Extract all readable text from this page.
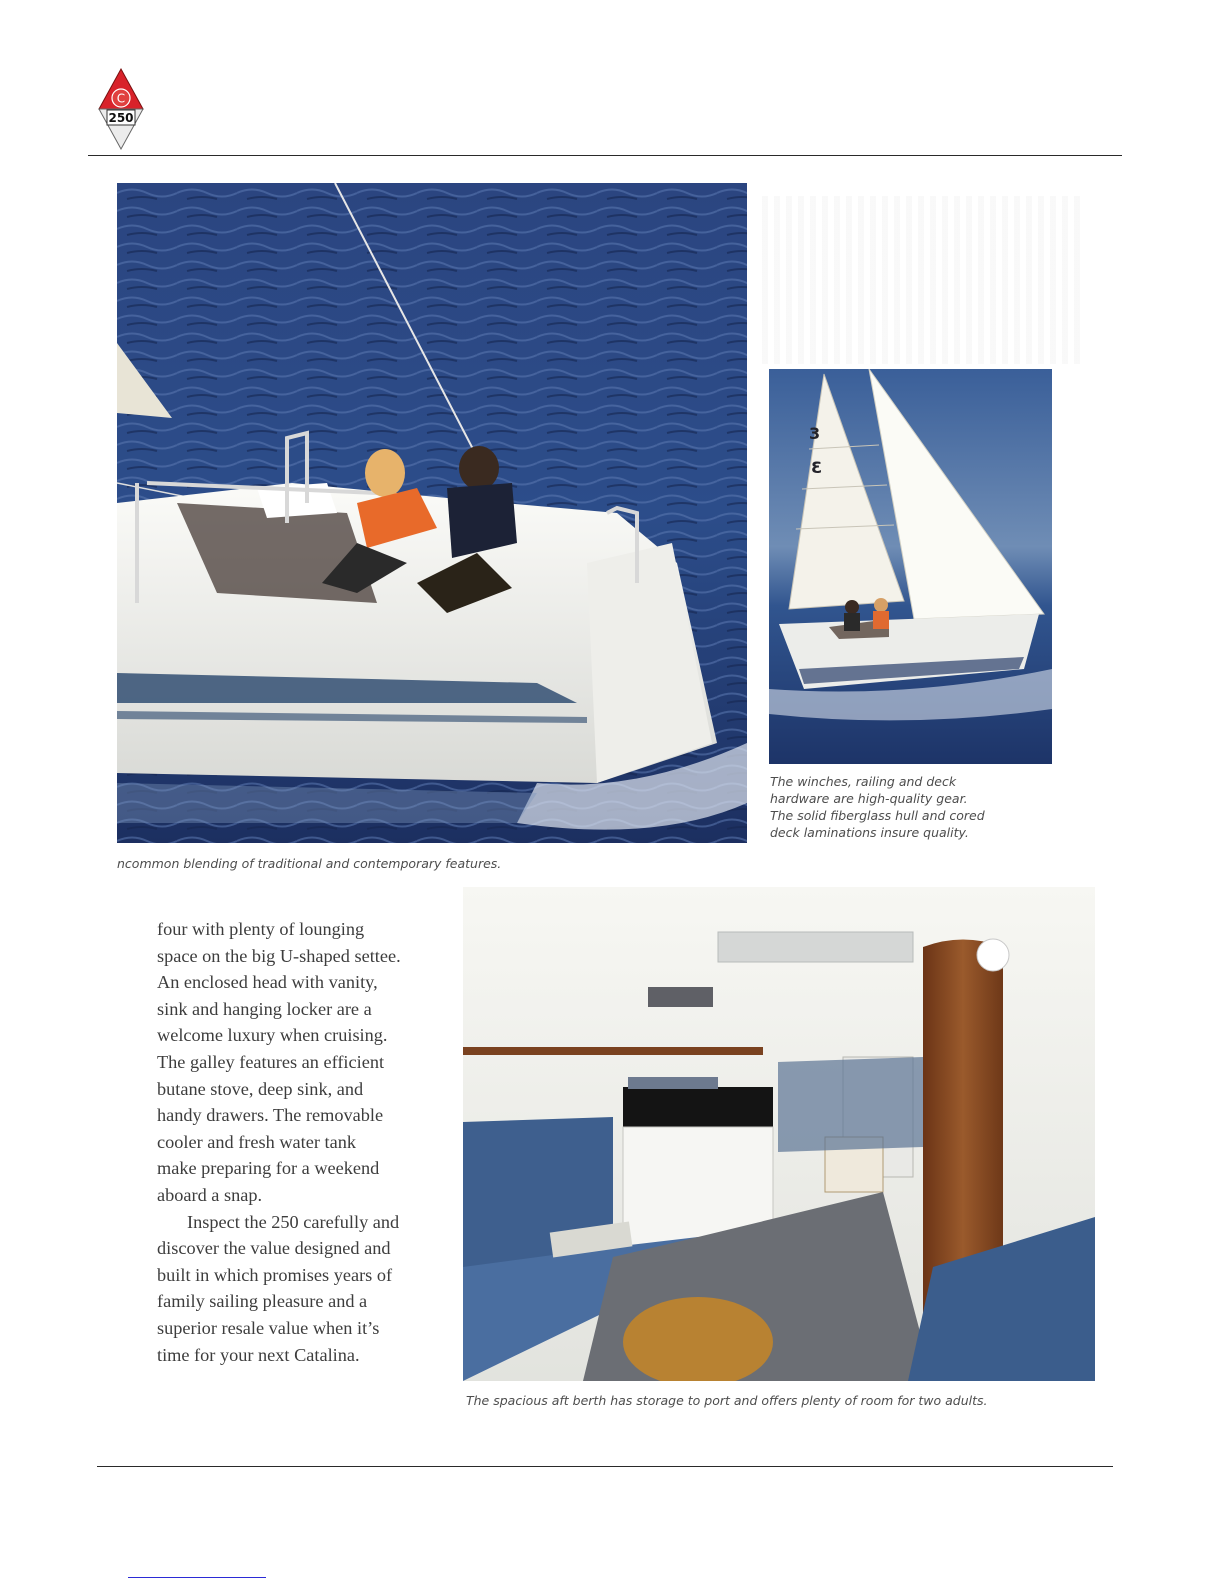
C
250
ncommon blending of traditional and contemporary features.
3
3
The winches, railing and deck
hardware are high-quality gear.
The solid fiberglass hull and cored
deck laminations insure quality.
four with plenty of lounging
space on the big U-shaped settee.
An enclosed head with vanity,
sink and hanging locker are a
welcome luxury when cruising.
The galley features an efficient
butane stove, deep sink, and
handy drawers. The removable
cooler and fresh water tank
make preparing for a weekend
aboard a snap.
Inspect the 250 carefully and
discover the value designed and
built in which promises years of
family sailing pleasure and a
superior resale value when it’s
time for your next Catalina.
The spacious aft berth has storage to port and offers plenty of room for two adults.
